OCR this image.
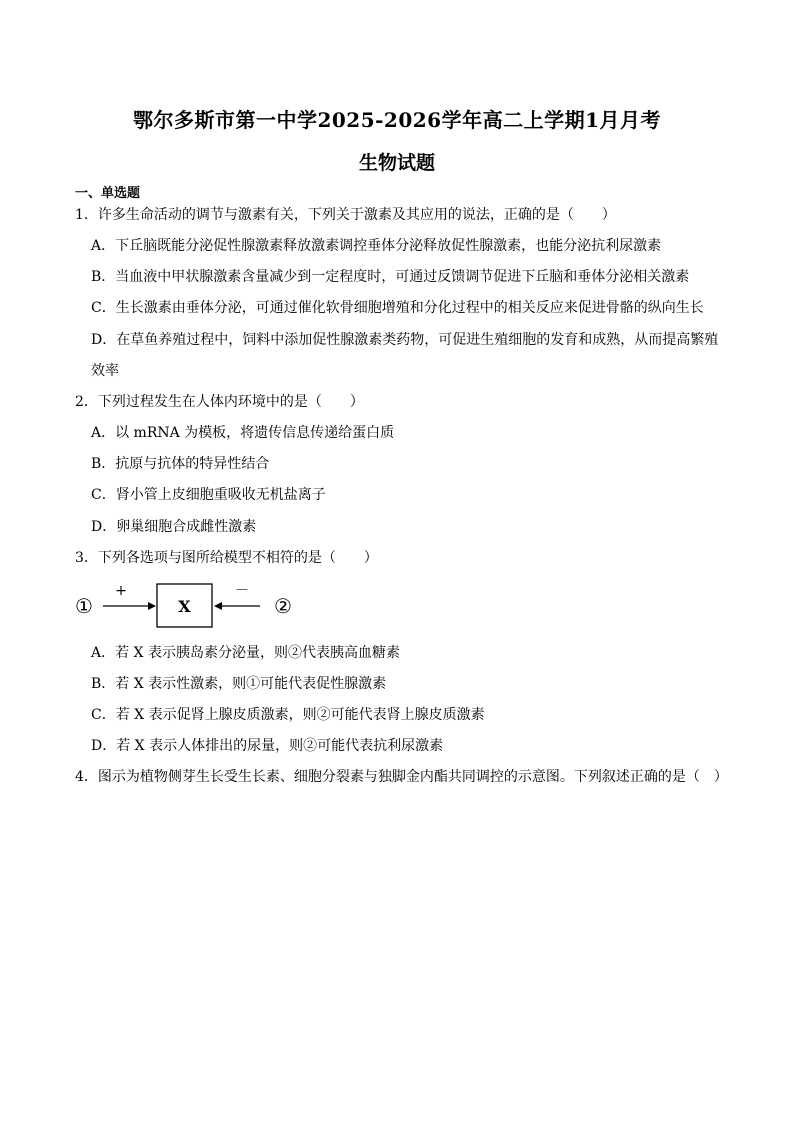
鄂尔多斯市第一中学2025-2026学年高二上学期1月月考
生物试题
一、单选题
1．许多生命活动的调节与激素有关，下列关于激素及其应用的说法，正确的是（　　）
A．下丘脑既能分泌促性腺激素释放激素调控垂体分泌释放促性腺激素，也能分泌抗利尿激素
B．当血液中甲状腺激素含量减少到一定程度时，可通过反馈调节促进下丘脑和垂体分泌相关激素
C．生长激素由垂体分泌，可通过催化软骨细胞增殖和分化过程中的相关反应来促进骨骼的纵向生长
D．在草鱼养殖过程中，饲料中添加促性腺激素类药物，可促进生殖细胞的发育和成熟，从而提高繁殖
效率
2．下列过程发生在人体内环境中的是（　　）
A．以 mRNA 为模板，将遗传信息传递给蛋白质
B．抗原与抗体的特异性结合
C．肾小管上皮细胞重吸收无机盐离子
D．卵巢细胞合成雌性激素
3．下列各选项与图所给模型不相符的是（　　）
①
+
X
－
②
A．若 X 表示胰岛素分泌量，则②代表胰高血糖素
B．若 X 表示性激素，则①可能代表促性腺激素
C．若 X 表示促肾上腺皮质激素，则②可能代表肾上腺皮质激素
D．若 X 表示人体排出的尿量，则②可能代表抗利尿激素
4．图示为植物侧芽生长受生长素、细胞分裂素与独脚金内酯共同调控的示意图。下列叙述正确的是（　）
